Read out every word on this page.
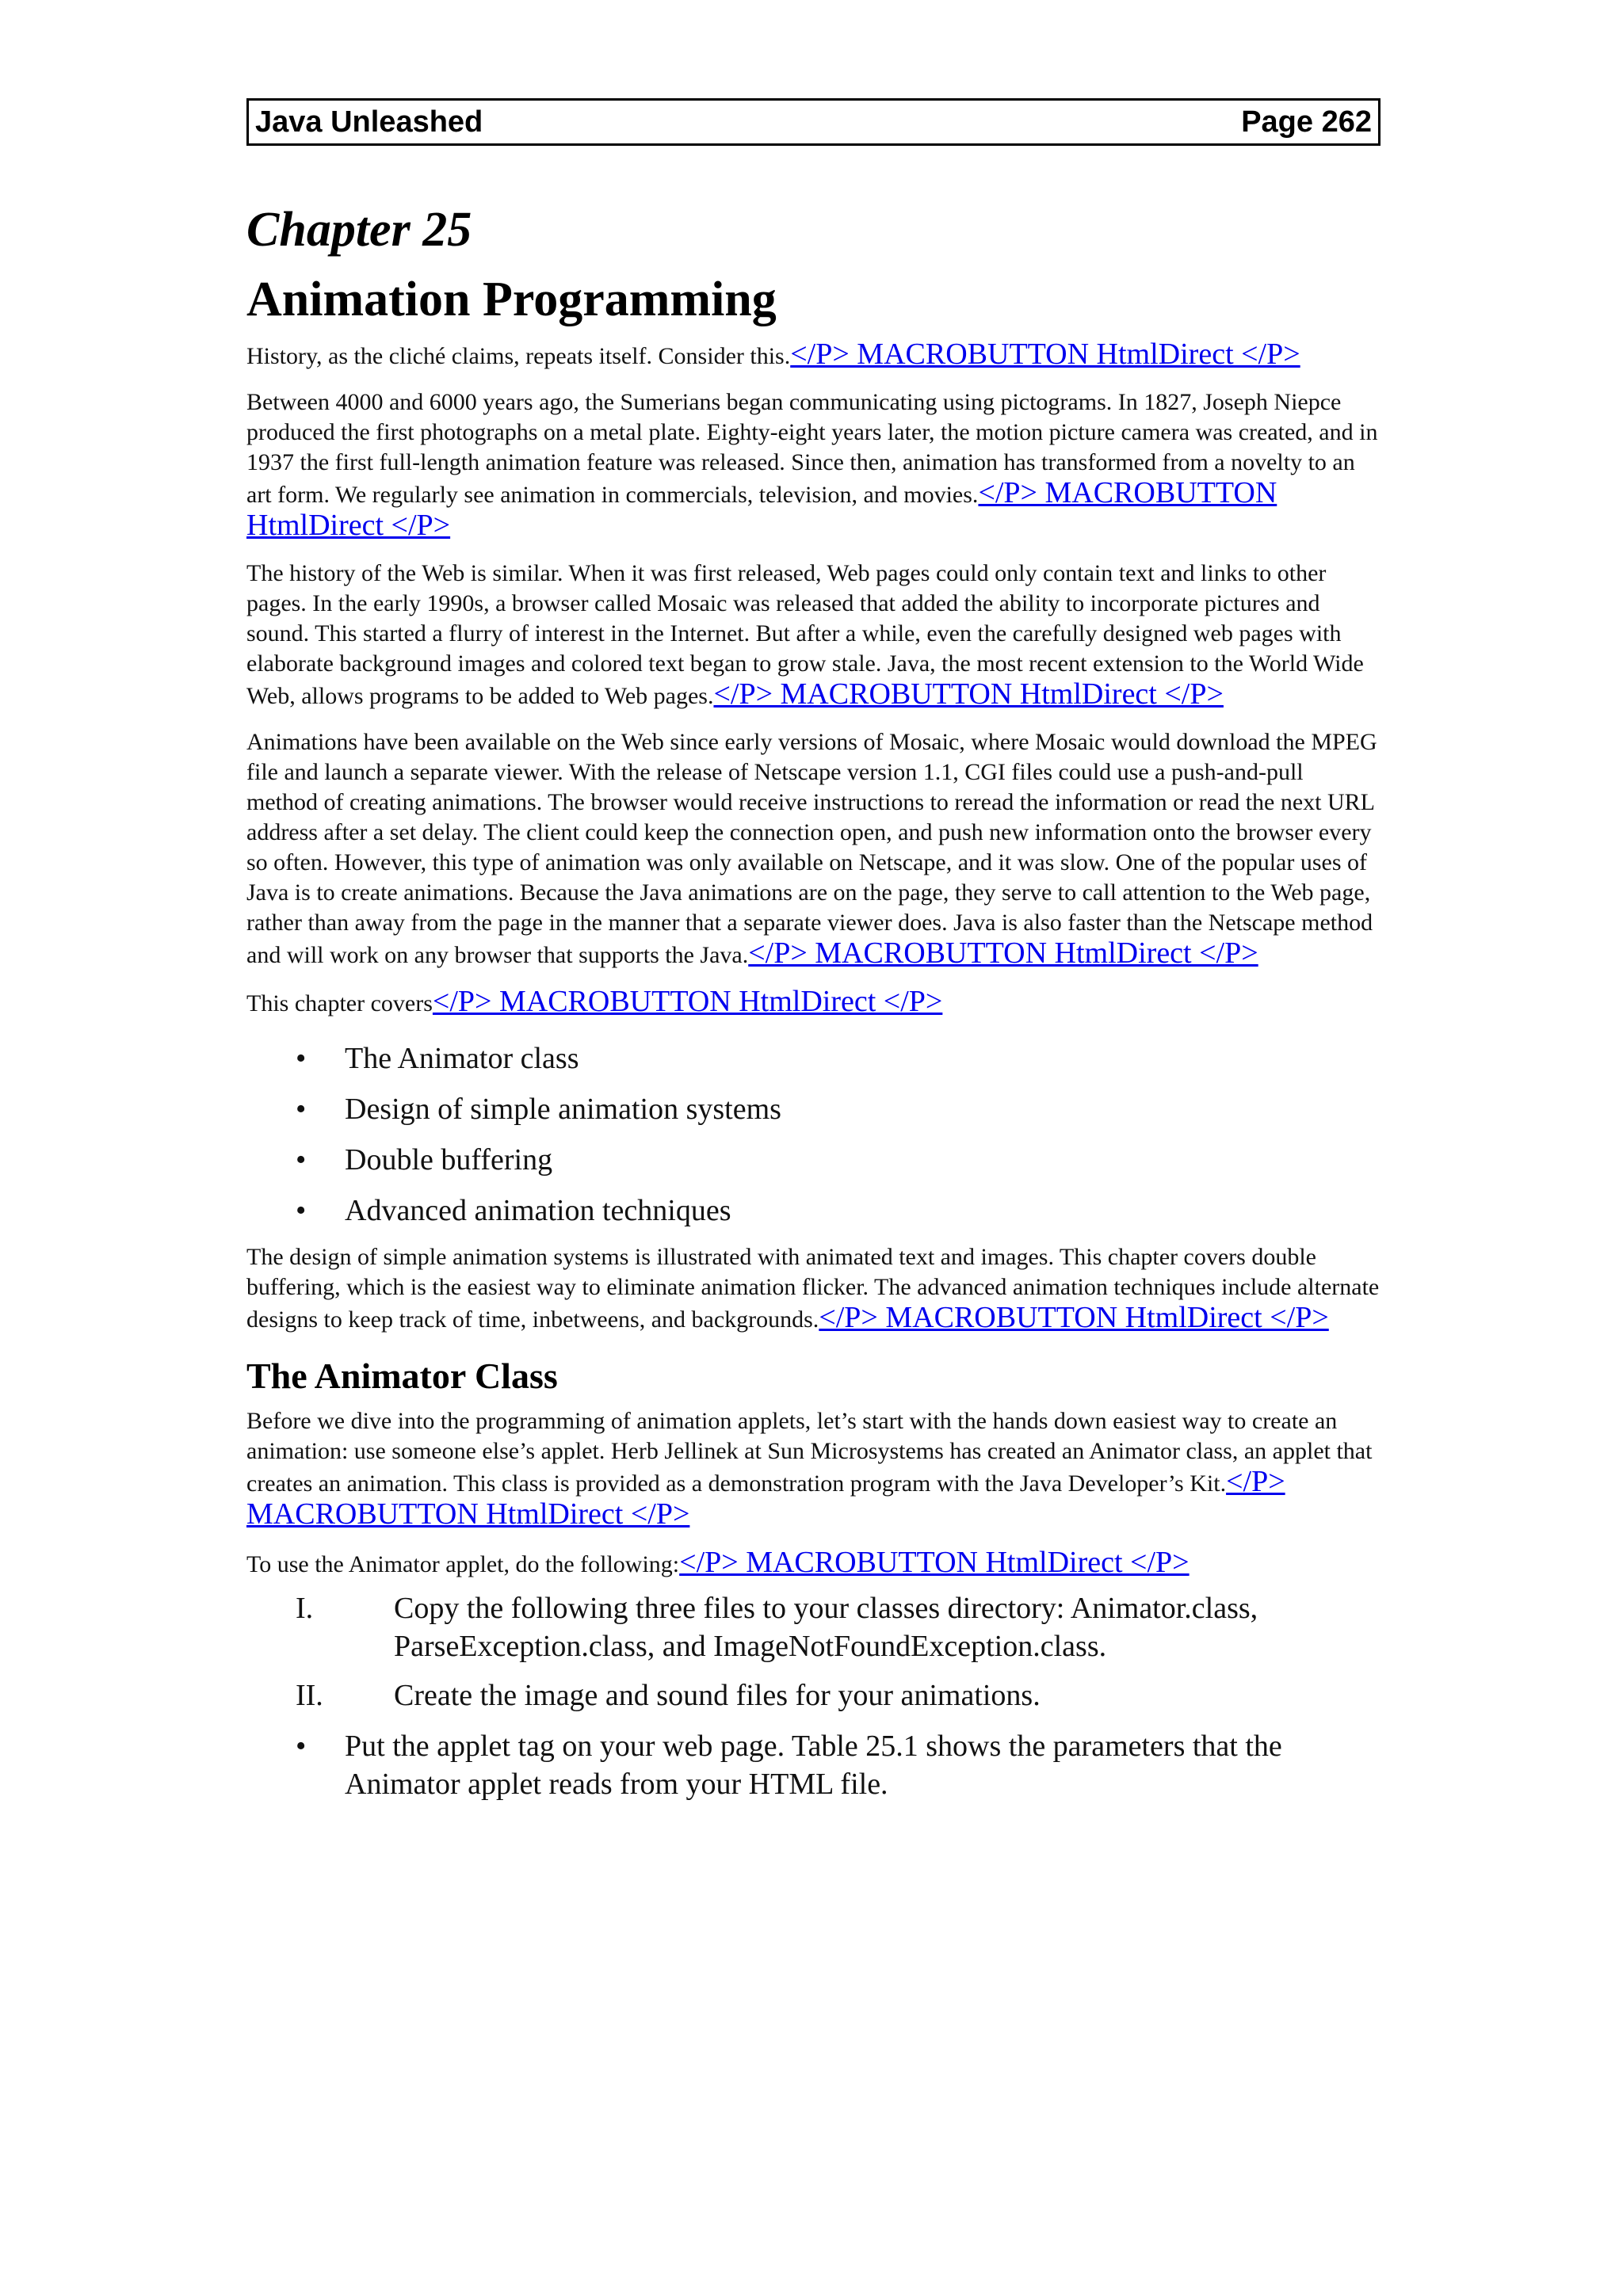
Java Unleashed	Page 262
Chapter 25
Animation Programming

History, as the cliché claims, repeats itself. Consider this.</P> MACROBUTTON HtmlDirect </P>

Between 4000 and 6000 years ago, the Sumerians began communicating using pictograms. In 1827, Joseph Niepce produced the first photographs on a metal plate. Eighty-eight years later, the motion picture camera was created, and in 1937 the first full-length animation feature was released. Since then, animation has transformed from a novelty to an art form. We regularly see animation in commercials, television, and movies.</P> MACROBUTTON HtmlDirect </P>

The history of the Web is similar. When it was first released, Web pages could only contain text and links to other pages. In the early 1990s, a browser called Mosaic was released that added the ability to incorporate pictures and sound. This started a flurry of interest in the Internet. But after a while, even the carefully designed web pages with elaborate background images and colored text began to grow stale. Java, the most recent extension to the World Wide Web, allows programs to be added to Web pages.</P> MACROBUTTON HtmlDirect </P>

Animations have been available on the Web since early versions of Mosaic, where Mosaic would download the MPEG file and launch a separate viewer. With the release of Netscape version 1.1, CGI files could use a push-and-pull method of creating animations. The browser would receive instructions to reread the information or read the next URL address after a set delay. The client could keep the connection open, and push new information onto the browser every so often. However, this type of animation was only available on Netscape, and it was slow. One of the popular uses of Java is to create animations. Because the Java animations are on the page, they serve to call attention to the Web page, rather than away from the page in the manner that a separate viewer does. Java is also faster than the Netscape method and will work on any browser that supports the Java.</P> MACROBUTTON HtmlDirect </P>

This chapter covers</P> MACROBUTTON HtmlDirect </P>

• The Animator class
• Design of simple animation systems
• Double buffering
• Advanced animation techniques

The design of simple animation systems is illustrated with animated text and images. This chapter covers double buffering, which is the easiest way to eliminate animation flicker. The advanced animation techniques include alternate designs to keep track of time, inbetweens, and backgrounds.</P> MACROBUTTON HtmlDirect </P>

The Animator Class

Before we dive into the programming of animation applets, let’s start with the hands down easiest way to create an animation: use someone else’s applet. Herb Jellinek at Sun Microsystems has created an Animator class, an applet that creates an animation. This class is provided as a demonstration program with the Java Developer’s Kit.</P> MACROBUTTON HtmlDirect </P>

To use the Animator applet, do the following:</P> MACROBUTTON HtmlDirect </P>

I.	Copy the following three files to your classes directory: Animator.class, ParseException.class, and ImageNotFoundException.class.
II. Create the image and sound files for your animations.
• Put the applet tag on your web page. Table 25.1 shows the parameters that the Animator applet reads from your HTML file.
